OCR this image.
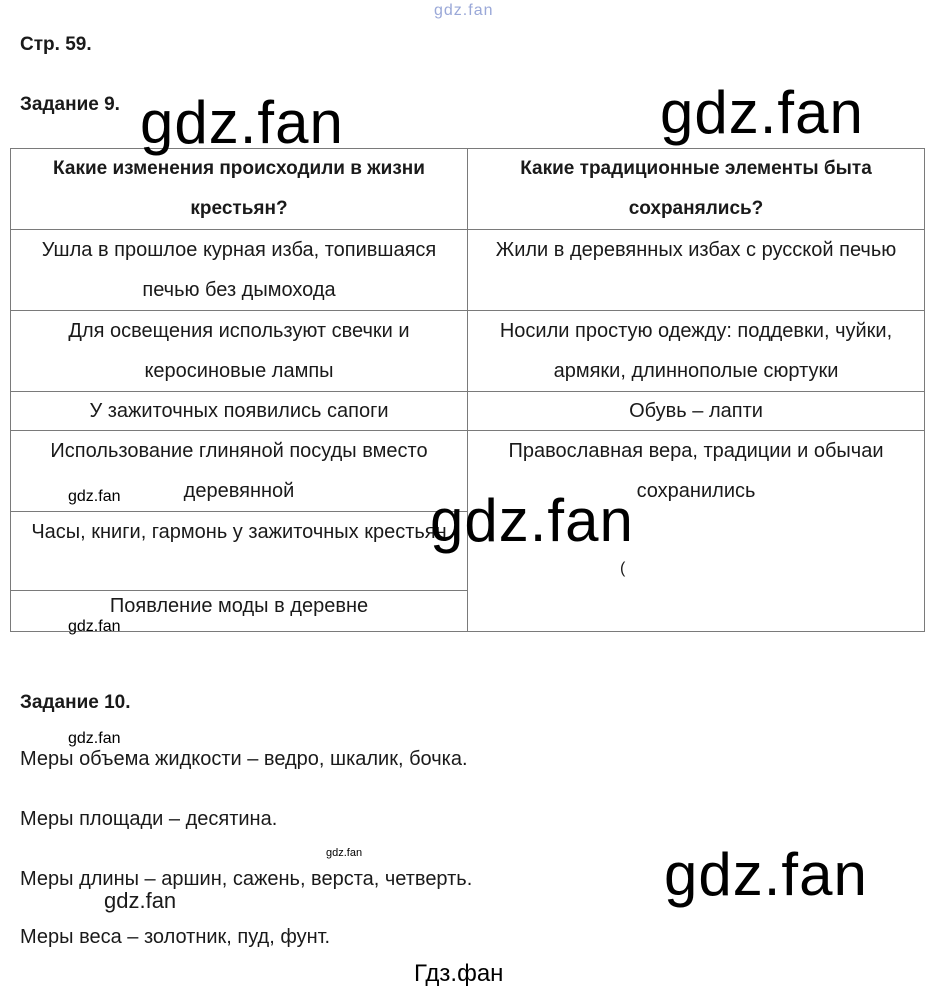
gdz.fan
Стр. 59.
Задание 9.
Какие изменения происходили в жизни крестьян?	Какие традиционные элементы быта сохранялись?
Ушла в прошлое курная изба, топившаяся печью без дымохода	Жили в деревянных избах с русской печью
Для освещения используют свечки и керосиновые лампы	Носили простую одежду: поддевки, чуйки, армяки, длиннополые сюртуки
У зажиточных появились сапоги	Обувь – лапти
Использование глиняной посуды вместо деревянной	Православная вера, традиции и обычаи сохранились
Часы, книги, гармонь у зажиточных крестьян	
Появление моды в деревне	
(
Задание 10.
Меры объема жидкости – ведро, шкалик, бочка.
Меры площади – десятина.
Меры длины – аршин, сажень, верста, четверть.
Меры веса – золотник, пуд, фунт.
gdz.fan	gdz.fan
gdz.fan
gdz.fan
gdz.fan
gdz.fan
gdz.fan
gdz.fan
gdz.fan
Гдз.фан
